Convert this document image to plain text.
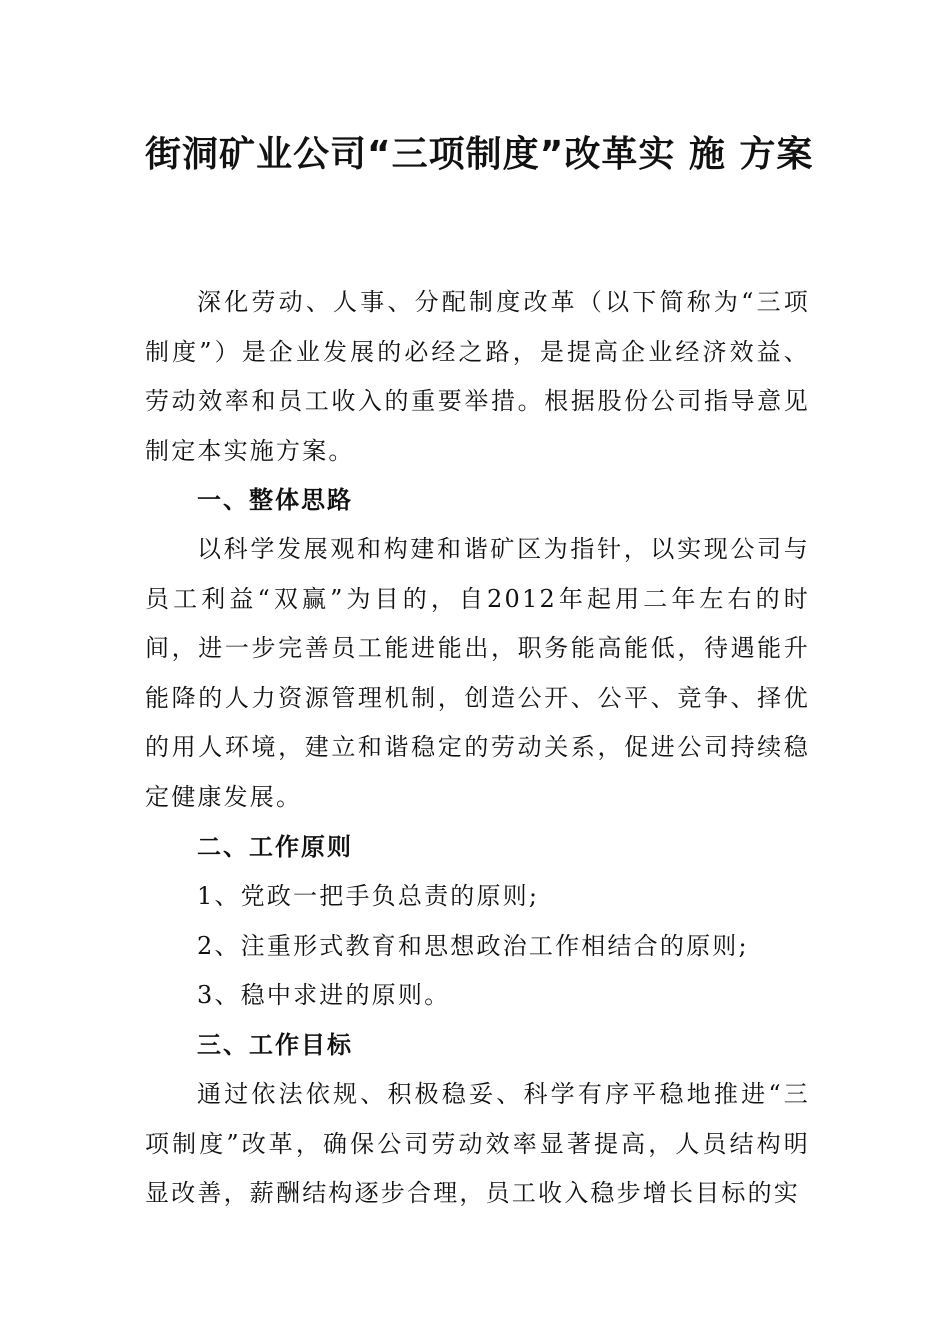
街洞矿业公司“三项制度”改革实 施 方案

深化劳动、人事、分配制度改革（以下简称为“三项制度”）是企业发展的必经之路，是提高企业经济效益、劳动效率和员工收入的重要举措。根据股份公司指导意见制定本实施方案。

一、整体思路

以科学发展观和构建和谐矿区为指针，以实现公司与员工利益“双赢”为目的，自2012年起用二年左右的时间，进一步完善员工能进能出，职务能高能低，待遇能升能降的人力资源管理机制，创造公开、公平、竞争、择优的用人环境，建立和谐稳定的劳动关系，促进公司持续稳定健康发展。

二、工作原则

1、党政一把手负总责的原则;

2、注重形式教育和思想政治工作相结合的原则;

3、稳中求进的原则。

三、工作目标

通过依法依规、积极稳妥、科学有序平稳地推进“三项制度”改革，确保公司劳动效率显著提高，人员结构明显改善，薪酬结构逐步合理，员工收入稳步增长目标的实
